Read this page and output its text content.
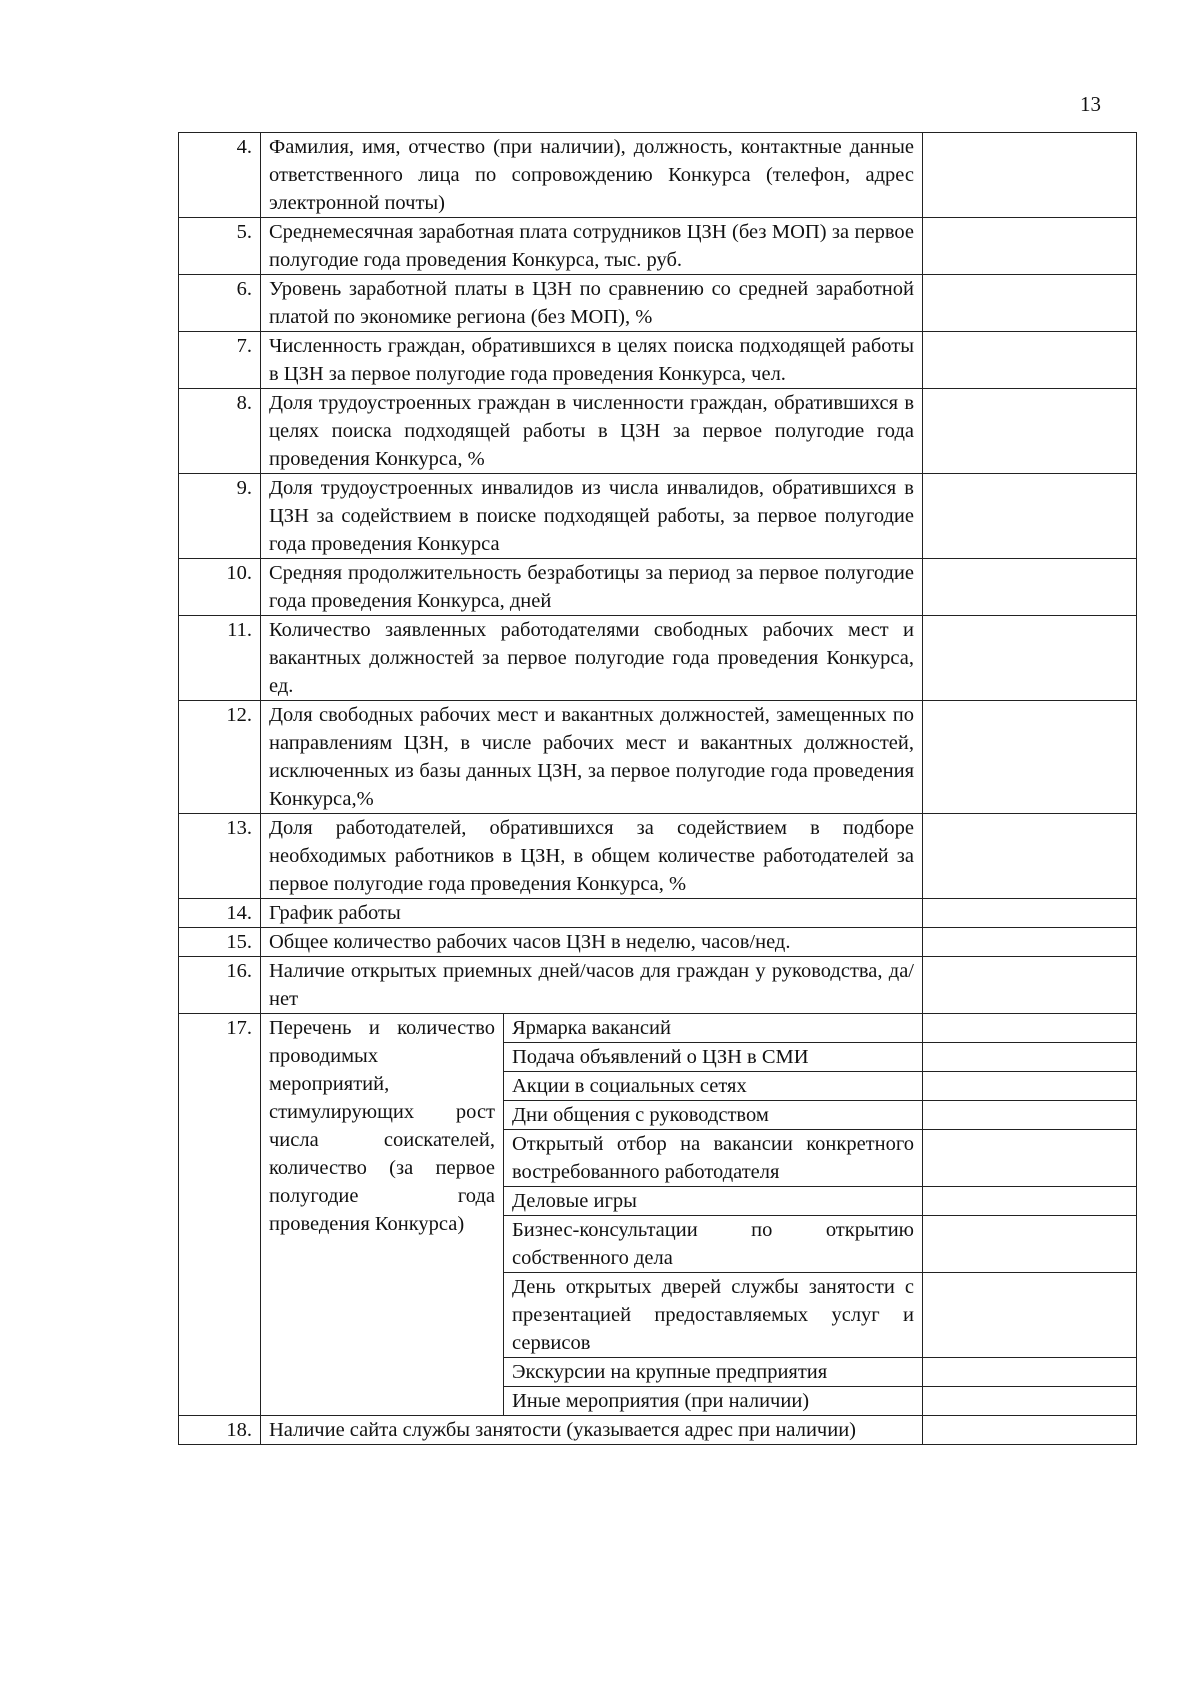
13
4.	Фамилия, имя, отчество (при наличии), должность, контактные данные ответственного лица по сопровождению Конкурса (телефон, адрес электронной почты)		
5.	Среднемесячная заработная плата сотрудников ЦЗН (без МОП) за первое полугодие года проведения Конкурса, тыс. руб.		
6.	Уровень заработной платы в ЦЗН по сравнению со средней заработной платой по экономике региона (без МОП), %		
7.	Численность граждан, обратившихся в целях поиска подходящей работы в ЦЗН за первое полугодие года проведения Конкурса, чел.		
8.	Доля трудоустроенных граждан в численности граждан, обратившихся в целях поиска подходящей работы в ЦЗН за первое полугодие года проведения Конкурса, %		
9.	Доля трудоустроенных инвалидов из числа инвалидов, обратившихся в ЦЗН за содействием в поиске подходящей работы, за первое полугодие года проведения Конкурса		
10.	Средняя продолжительность безработицы за период за первое полугодие года проведения Конкурса, дней		
11.	Количество заявленных работодателями свободных рабочих мест и вакантных должностей за первое полугодие года проведения Конкурса, ед.		
12.	Доля свободных рабочих мест и вакантных должностей, замещенных по направлениям ЦЗН, в числе рабочих мест и вакантных должностей, исключенных из базы данных ЦЗН, за первое полугодие года проведения Конкурса,%		
13.	Доля работодателей, обратившихся за содействием в подборе необходимых работников в ЦЗН, в общем количестве работодателей за первое полугодие года проведения Конкурса, %		
14.	График работы		
15.	Общее количество рабочих часов ЦЗН в неделю, часов/нед.		
16.	Наличие открытых приемных дней/часов для граждан у руководства, да/нет		
17.	Перечень и количество проводимых мероприятий, стимулирующих рост числа соискателей, количество (за первое полугодие года проведения Конкурса)	Ярмарка вакансий	
		Подача объявлений о ЦЗН в СМИ	
		Акции в социальных сетях	
		Дни общения с руководством	
		Открытый отбор на вакансии конкретного востребованного работодателя	
		Деловые игры	
		Бизнес-консультации по открытию собственного дела	
		День открытых дверей службы занятости с презентацией предоставляемых услуг и сервисов	
		Экскурсии на крупные предприятия	
		Иные мероприятия (при наличии)	
18.	Наличие сайта службы занятости (указывается адрес при наличии)		
